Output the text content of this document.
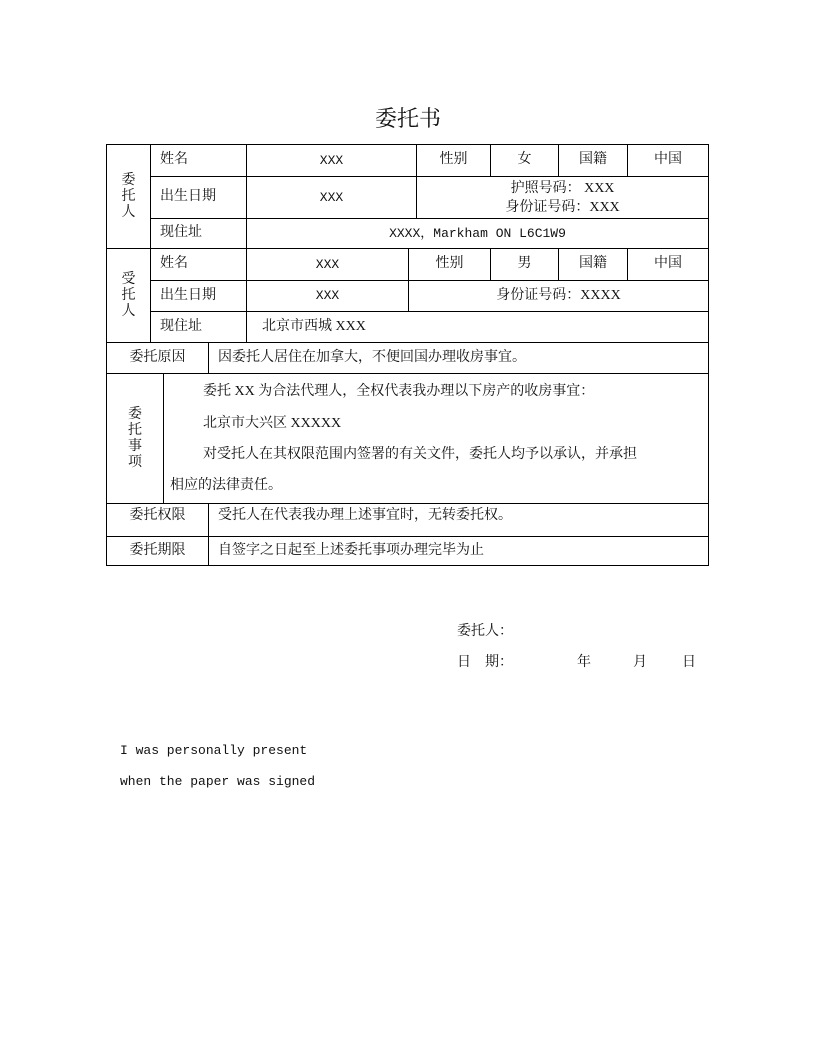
委托书
委
托
人
姓名	XXX	性别	女	国籍	中国
出生日期	XXX
护照号码： XXX
身份证号码：XXX
现住址	XXXX，Markham ON L6C1W9
受
托
人
姓名	XXX	性别	男	国籍	中国
出生日期	XXX	身份证号码：XXXX
现住址	北京市西城 XXX
委托原因	因委托人居住在加拿大，不便回国办理收房事宜。
委
托
事
项
委托 XX 为合法代理人，全权代表我办理以下房产的收房事宜：
北京市大兴区 XXXXX
对受托人在其权限范围内签署的有关文件，委托人均予以承认，并承担
相应的法律责任。
委托权限	受托人在代表我办理上述事宜时，无转委托权。
委托期限	自签字之日起至上述委托事项办理完毕为止
委托人：
日　期：	年	月	日
I was personally present
when the paper was signed
